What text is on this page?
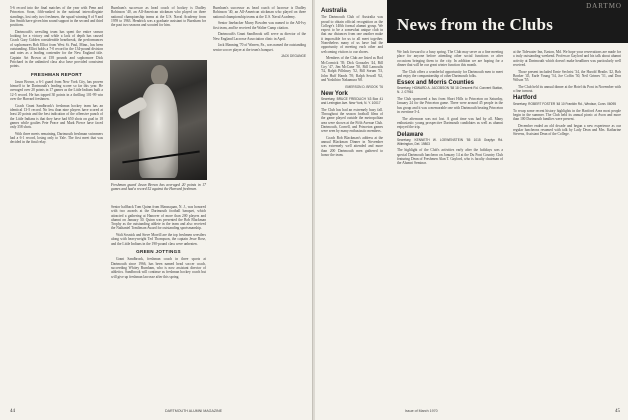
5-6 record into the final matches of the year with Penn and Princeton. Soon, fifth-ranked in the national intercollegiate standings, lost only two freshmen, the squad winning 8 of 9 and Jim Smith have given him sound support in the second and third positions.

Dartmouth's wrestling team has spent the entire season looking for a victory and while a lack of depth has caused Coach Gary Golden considerable heartbreak, the performances of sophomores Bob Elliot from West St. Paul, Minn., has been outstanding. Elliot holds a 7-0 record in the 134-pound division and rates as a leading contender for the New England title. Captain Art Brown at 158 pounds and sophomore Dick Pritchard in the unlimited class also have provided consistent points.

FRESHMAN REPORT

Jason Brown, a 6-1 guard from New York City, has proven himself to be Dartmouth's leading scorer so far this year. He averaged over 20 points in 17 games as the Little Indians built a 12-5 record. He has topped 30 points in a thrilling 101-99 win over the Harvard freshmen.

Coach Grant Sandbrook's freshman hockey team has an identical 13-5 record. No less than nine players have scored at least 20 points and the best indication of the offensive punch of the Little Indians is that they have had 650 shots on goal in 18 games while goalies Pete Peace and Mark Pierce have faced only 358 shots.

With three meets remaining, Dartmouth freshman swimmers had a 6-1 record, losing only to Yale. The first meet that was decided in the final relay.

Burnham's successor as head coach of hockey is Dudley Robinson '40, an All-American stickman who played on three national championship teams at the U.S. Naval Academy from 1959 to 1963. Hendrick was a graduate assistant to Burnham for the past two seasons and scouted for him.

Freshman guard Jason Brown has averaged 20 points in 17 games and had a record 52 against the Harvard freshmen.

Senior halfback Tom Quinn from Manasquan, N. J., was honored with two awards at the Dartmouth football banquet, which attracted a gathering at Hanover of more than 200 players and alumni on January 30. Quinn was presented the Bob Blackman Trophy as the outstanding athlete in the team and also received the Nathaniel Tomlinson Award for outstanding sportsmanship.

Walt Sosnick and Steve Morrill are the top freshmen wrestlers along with heavyweight Ted Thompson, the captain Jesse Rose, and the Little Indians in the 190-pound class were unbeaten.

GREEN JOTTINGS

Grant Sandbrook, freshman coach in three sports at Dartmouth since 1966, has been named head soccer coach, succeeding Whitey Burnham, who is now assistant director of athletics. Sandbrook will continue as freshman hockey coach but will give up freshman lacrosse after this spring.

Burnham's successor as head coach of lacrosse is Dudley Robinson '40, an All-American stickman who played on three national championship teams at the U.S. Naval Academy.

Senior linebacker Murry Bowden was named to the All-Ivy first team, and he received the Walter Camp citation.

Dartmouth's Grant Sandbrook will serve as director of the New England Lacrosse Association clinic in April.

Jack Manning '70 of Warren, Pa., was named the outstanding senior soccer player at the team's banquet.

JACK DEGANGE
44	DARTMOUTH ALUMNI MAGAZINE
Australia

The Dartmouth Club of Australia was proud to obtain official recognition as the College's 140th formal alumni group. We expect to be a somewhat unique club in that our distances from one another make it impossible for us to all meet together. Nonetheless many of us have had the opportunity of meeting each other and welcoming visitors to our shores.

Members of the Club are listed as Rod McCormick '39, Dick Gonzales '44, Bill Coy '47, Jim McCune '50, Bill Lamoulis '52, Ralph Pillsbury '52, Bill Sorum '53, John Huff Hands '59, Ralph Sewall '62, and Yoshihiro Nakamura '68.

EMERSON D. BROOK '76
New York
Secretary, BRUCE FREIDLICH '43 Box 41 and Lexington Ave. New York, N. Y. 10017

The Club has had an extremely busy fall. Throughout the season football films of the game played outside the metropolitan area were shown at the Fifth Avenue Club. Dartmouth, Cornell, and Princeton games were seen by many enthusiastic members.

Coach Bob Blackman's address at the annual Blackman Dinner in November was extremely well attended and more than 200 Dartmouth men gathered to honor the team.

DARTMO
News from the Clubs

We look forward to a busy spring. The Club may serve as a fine meeting place for anyone before attending other social functions or after occasions bringing them to the city. In addition we are hoping for a dinner that will be our great winter function this month.

The Club offers a wonderful opportunity for Dartmouth men to meet and enjoy the companionship of other Dartmouth folks.

Essex and Morris Counties
Secretary, HOWARD A. JACOBSON '58 18 Crescent Rd. Convent Station, N. J. 07961

The Club sponsored a bus from Short Hills to Princeton on Saturday, January 24 for the Princeton game. There were around 45 people in the bus group and it was a memorable one with Dartmouth beating Princeton in overtime 5-4.

The afternoon was not lost. A good time was had by all. Many enthusiastic young prospective Dartmouth candidates as well as alumni enjoyed the trip.

Delaware
Secretary, KENNETH W. LOEWENSTEIN '55 1015 Graylyn Rd. Wilmington, Del. 19803

The highlight of the Club's activities early after the holidays was a special Dartmouth luncheon on January 14 at the Du Pont Country Club featuring Dean of Freshmen Alan T. Gaylord, who is faculty chairman of the Alumni Seminar.

at the Tidewater Inn, Easton, Md. We hope your reservations are made for a truly outstanding weekend. Professor Gaylord and his talk about alumni activity at Dartmouth which doesn't make headlines was particularly well received.

Those present included Ernie Sechrist '34, the Harold Heaths '42, Bob Bonker '45, Earle Young '54, Joe Coffin '50, Neil Grimes '51, and Don Wilson '55.

The Club held its annual dinner at the Hotel du Pont in November with a fine turnout.

Hartford
Secretary, ROBERT FOSTER '48 10 Franklin Rd., Windsor, Conn. 06095

To recap some recent history highlights in the Hartford Area most people begin in the summer. The Club held its annual picnic at Avon and more than 100 Dartmouth families were present.

December ended an old decade and began a new experience as our regular luncheons resumed with talk by Lady Dean and Mrs. Katharine Stevens, Assistant Dean of the College.

Issue of March 1970	45
